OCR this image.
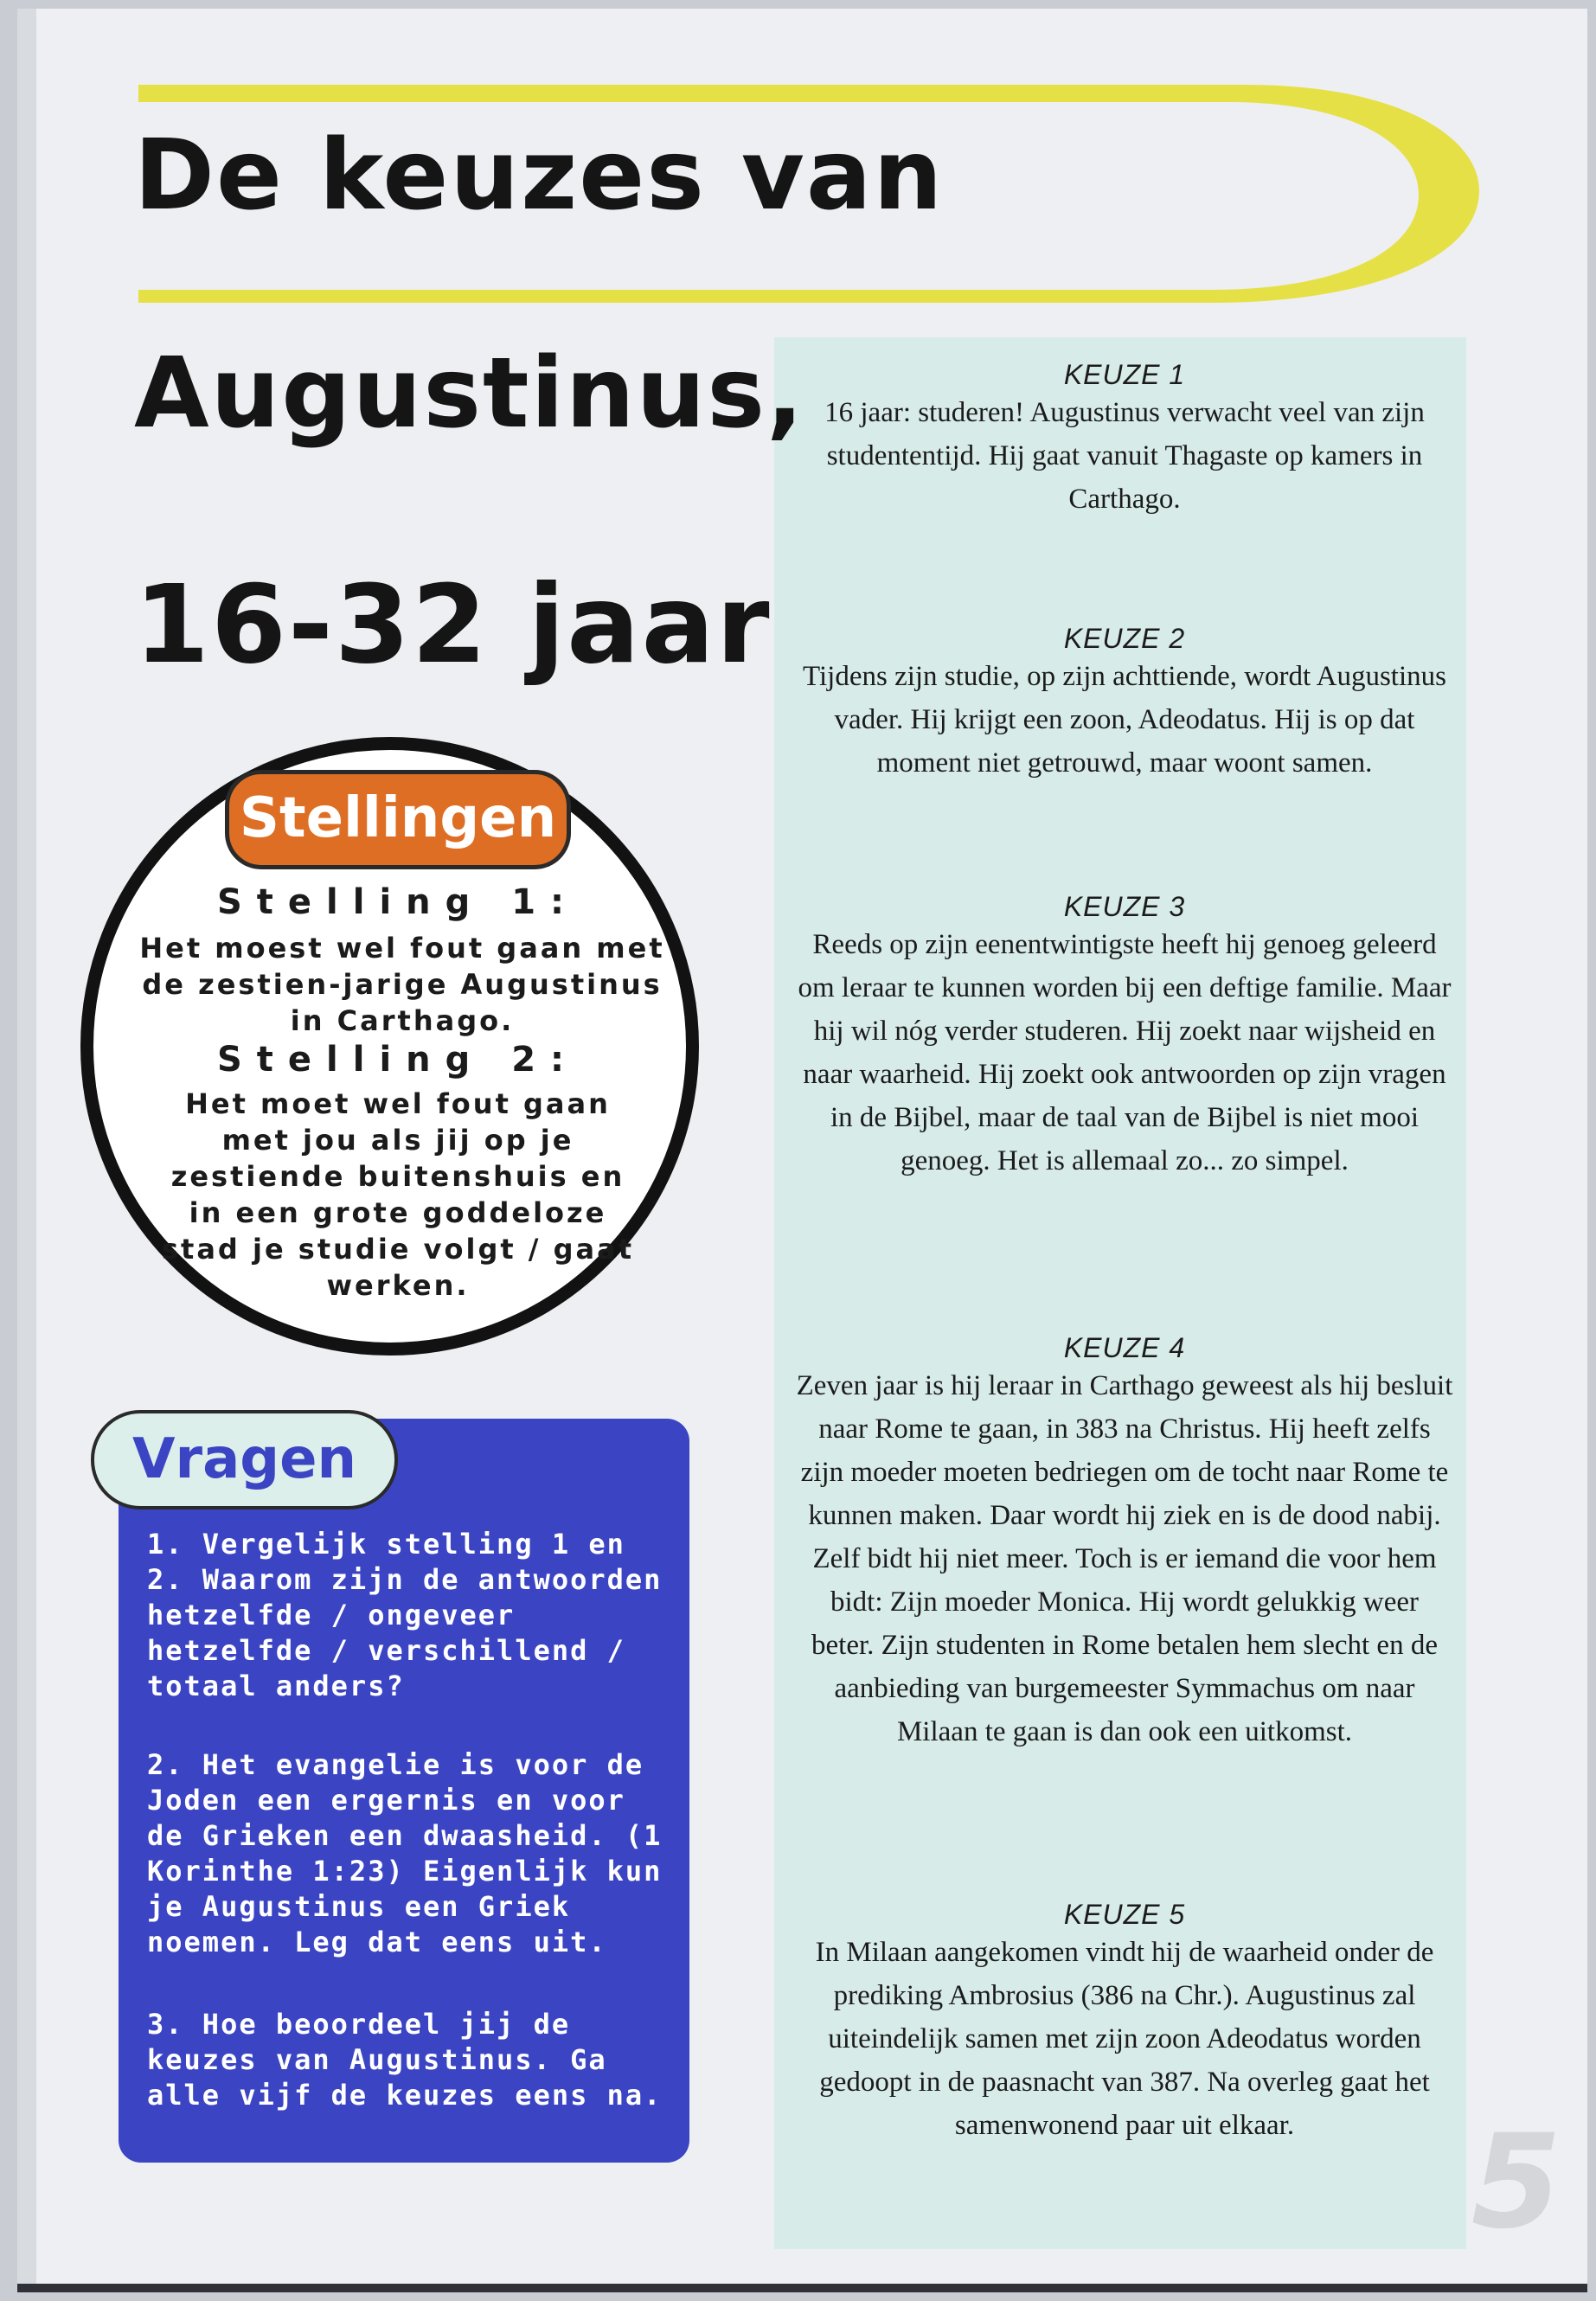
De keuzes van
Augustinus,
16-32 jaar
Stellingen
Stelling 1:
Het moest wel fout gaan met de zestien-jarige Augustinus in Carthago.
Stelling 2:
Het moet wel fout gaan met jou als jij op je zestiende buitenshuis en in een grote goddeloze stad je studie volgt / gaat werken.
Vragen
1. Vergelijk stelling 1 en 2. Waarom zijn de antwoorden hetzelfde / ongeveer hetzelfde / verschillend / totaal anders?
2. Het evangelie is voor de Joden een ergernis en voor de Grieken een dwaasheid. (1 Korinthe 1:23) Eigenlijk kun je Augustinus een Griek noemen. Leg dat eens uit.
3. Hoe beoordeel jij de keuzes van Augustinus. Ga alle vijf de keuzes eens na.
KEUZE 1
16 jaar: studeren! Augustinus verwacht veel van zijn studententijd. Hij gaat vanuit Thagaste op kamers in Carthago.
KEUZE 2
Tijdens zijn studie, op zijn achttiende, wordt Augustinus vader. Hij krijgt een zoon, Adeodatus. Hij is op dat moment niet getrouwd, maar woont samen.
KEUZE 3
Reeds op zijn eenentwintigste heeft hij genoeg geleerd om leraar te kunnen worden bij een deftige familie. Maar hij wil nóg verder studeren. Hij zoekt naar wijsheid en naar waarheid. Hij zoekt ook antwoorden op zijn vragen in de Bijbel, maar de taal van de Bijbel is niet mooi genoeg. Het is allemaal zo... zo simpel.
KEUZE 4
Zeven jaar is hij leraar in Carthago geweest als hij besluit naar Rome te gaan, in 383 na Christus. Hij heeft zelfs zijn moeder moeten bedriegen om de tocht naar Rome te kunnen maken. Daar wordt hij ziek en is de dood nabij. Zelf bidt hij niet meer. Toch is er iemand die voor hem bidt: Zijn moeder Monica. Hij wordt gelukkig weer beter. Zijn studenten in Rome betalen hem slecht en de aanbieding van burgemeester Symmachus om naar Milaan te gaan is dan ook een uitkomst.
KEUZE 5
In Milaan aangekomen vindt hij de waarheid onder de prediking Ambrosius (386 na Chr.). Augustinus zal uiteindelijk samen met zijn zoon Adeodatus worden gedoopt in de paasnacht van 387. Na overleg gaat het samenwonend paar uit elkaar.	5
